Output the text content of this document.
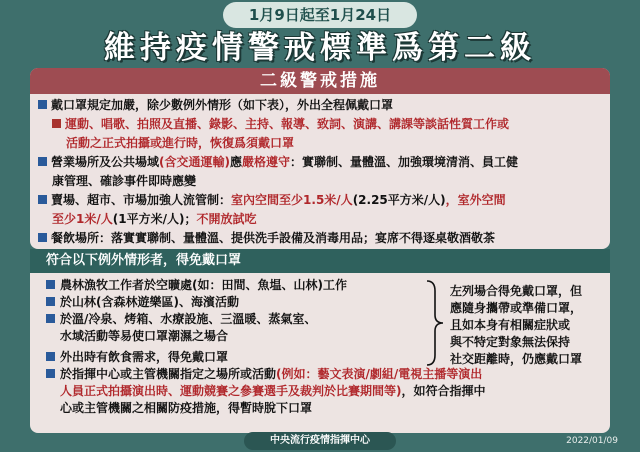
1月9日起至1月24日
維持疫情警戒標準爲第二級
二級警戒措施
戴口罩規定加嚴，除少數例外情形（如下表），外出全程佩戴口罩
運動、唱歌、拍照及直播、錄影、主持、報導、致詞、演講、講課等談話性質工作或
活動之正式拍攝或進行時，恢復爲須戴口罩
營業場所及公共場域(含交通運輸)應嚴格遵守：實聯制、量體溫、加強環境清消、員工健
康管理、確診事件即時應變
賣場、超市、市場加強人流管制：室內空間至少1.5米/人(2.25平方米/人)，室外空間
至少1米/人(1平方米/人)；不開放試吃
餐飲場所：落實實聯制、量體溫、提供洗手設備及消毒用品；宴席不得逐桌敬酒敬茶
符合以下例外情形者，得免戴口罩
農林漁牧工作者於空曠處(如：田間、魚塭、山林)工作
於山林(含森林遊樂區)、海濱活動
於溫/冷泉、烤箱、水療設施、三溫暖、蒸氣室、
水域活動等易使口罩潮濕之場合
左列場合得免戴口罩，但
應隨身攜帶或準備口罩，
且如本身有相關症狀或
與不特定對象無法保持
社交距離時，仍應戴口罩
外出時有飲食需求，得免戴口罩
於指揮中心或主管機關指定之場所或活動(例如：藝文表演/劇組/電視主播等演出
人員正式拍攝演出時、運動競賽之參賽選手及裁判於比賽期間等)，如符合指揮中
心或主管機關之相關防疫措施，得暫時脫下口罩
中央流行疫情指揮中心	2022/01/09
